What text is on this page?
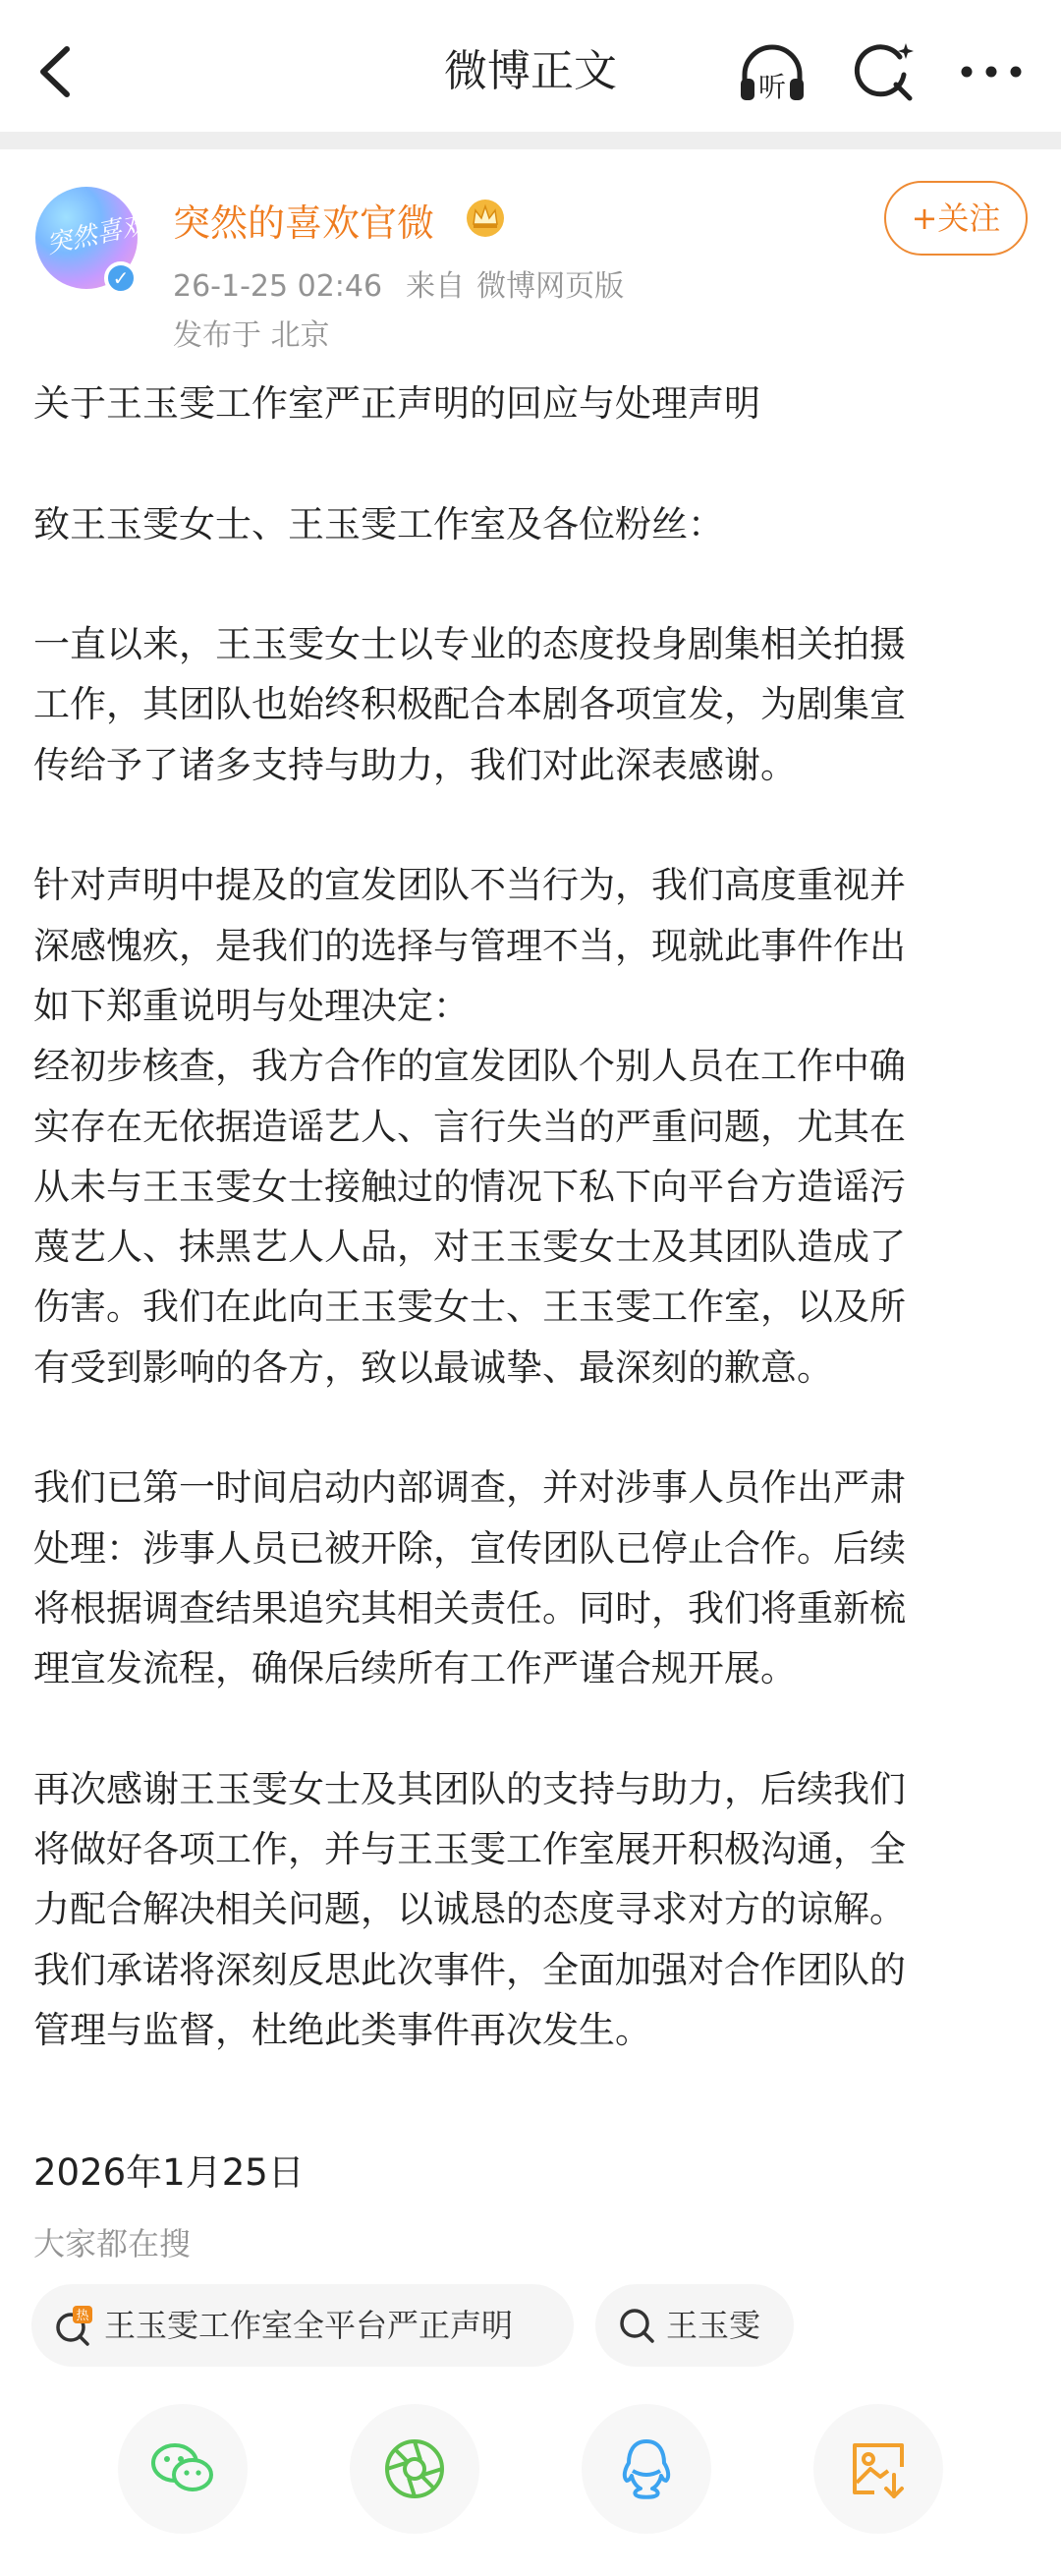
微博正文	听
突然喜欢
✓
突然的喜欢官微	+关注
26-1-25 02:46 来自 微博网页版
发布于 北京

关于王玉雯工作室严正声明的回应与处理声明

致王玉雯女士、王玉雯工作室及各位粉丝：

一直以来，王玉雯女士以专业的态度投身剧集相关拍摄

工作，其团队也始终积极配合本剧各项宣发，为剧集宣

传给予了诸多支持与助力，我们对此深表感谢。

针对声明中提及的宣发团队不当行为，我们高度重视并

深感愧疚，是我们的选择与管理不当，现就此事件作出

如下郑重说明与处理决定：

经初步核查，我方合作的宣发团队个别人员在工作中确

实存在无依据造谣艺人、言行失当的严重问题，尤其在

从未与王玉雯女士接触过的情况下私下向平台方造谣污

蔑艺人、抹黑艺人人品，对王玉雯女士及其团队造成了

伤害。我们在此向王玉雯女士、王玉雯工作室，以及所

有受到影响的各方，致以最诚挚、最深刻的歉意。

我们已第一时间启动内部调查，并对涉事人员作出严肃

处理：涉事人员已被开除，宣传团队已停止合作。后续

将根据调查结果追究其相关责任。同时，我们将重新梳

理宣发流程，确保后续所有工作严谨合规开展。

再次感谢王玉雯女士及其团队的支持与助力，后续我们

将做好各项工作，并与王玉雯工作室展开积极沟通，全

力配合解决相关问题，以诚恳的态度寻求对方的谅解。

我们承诺将深刻反思此次事件，全面加强对合作团队的

管理与监督，杜绝此类事件再次发生。

2026年1月25日
大家都在搜
热 王玉雯工作室全平台严正声明	王玉雯
